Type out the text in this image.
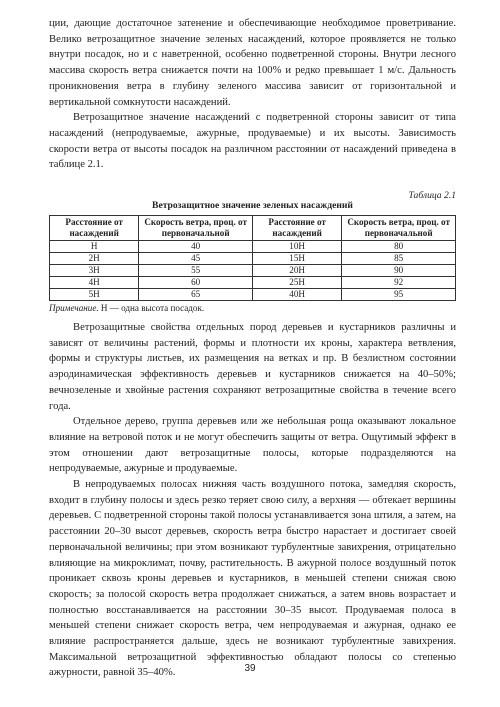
ции, дающие достаточное затенение и обеспечивающие необходимое проветривание. Велико ветрозащитное значение зеленых насаждений, которое проявляется не только внутри посадок, но и с наветренной, особенно подветренной стороны. Внутри лесного массива скорость ветра снижается почти на 100% и редко превышает 1 м/с. Дальность проникновения ветра в глубину зеленого массива зависит от горизонтальной и вертикальной сомкнутости насаждений.

Ветрозащитное значение насаждений с подветренной стороны зависит от типа насаждений (непродуваемые, ажурные, продуваемые) и их высоты. Зависимость скорости ветра от высоты посадок на различном расстоянии от насаждений приведена в таблице 2.1.

Таблица 2.1
Ветрозащитное значение зеленых насаждений
Расстояние от насаждений	Скорость ветра, проц. от первоначальной	Расстояние от насаждений	Скорость ветра, проц. от первоначальной
Н	40	10Н	80
2Н	45	15Н	85
3Н	55	20Н	90
4Н	60	25Н	92
5Н	65	40Н	95
Примечание. Н — одна высота посадок.

Ветрозащитные свойства отдельных пород деревьев и кустарников различны и зависят от величины растений, формы и плотности их кроны, характера ветвления, формы и структуры листьев, их размещения на ветках и пр. В безлистном состоянии аэродинамическая эффективность деревьев и кустарников снижается на 40–50%; вечнозеленые и хвойные растения сохраняют ветрозащитные свойства в течение всего года.

Отдельное дерево, группа деревьев или же небольшая роща оказывают локальное влияние на ветровой поток и не могут обеспечить защиты от ветра. Ощутимый эффект в этом отношении дают ветрозащитные полосы, которые подразделяются на непродуваемые, ажурные и продуваемые.

В непродуваемых полосах нижняя часть воздушного потока, замедляя скорость, входит в глубину полосы и здесь резко теряет свою силу, а верхняя — обтекает вершины деревьев. С подветренной стороны такой полосы устанавливается зона штиля, а затем, на расстоянии 20–30 высот деревьев, скорость ветра быстро нарастает и достигает своей первоначальной величины; при этом возникают турбулентные завихрения, отрицательно влияющие на микроклимат, почву, растительность. В ажурной полосе воздушный поток проникает сквозь кроны деревьев и кустарников, в меньшей степени снижая свою скорость; за полосой скорость ветра продолжает снижаться, а затем вновь возрастает и полностью восстанавливается на расстоянии 30–35 высот. Продуваемая полоса в меньшей степени снижает скорость ветра, чем непродуваемая и ажурная, однако ее влияние распространяется дальше, здесь не возникают турбулентные завихрения. Максимальной ветрозащитной эффективностью обладают полосы со степенью ажурности, равной 35–40%.	39
